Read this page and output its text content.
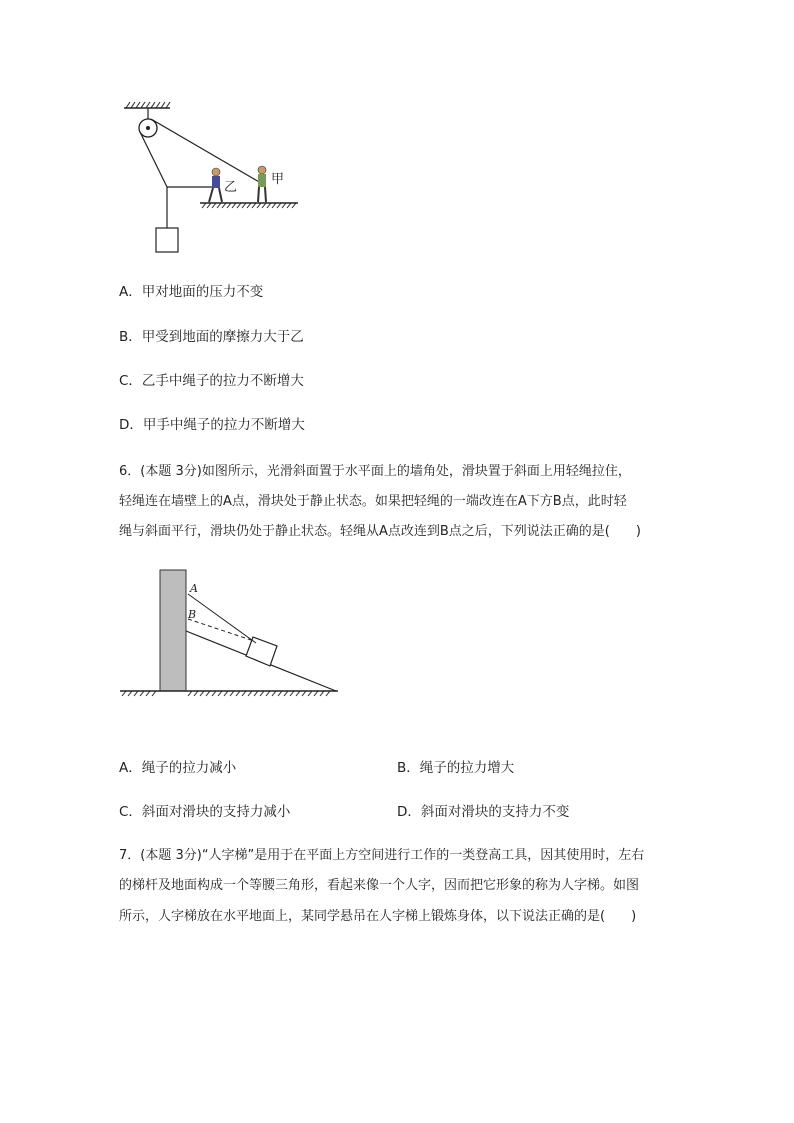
乙
甲
A．甲对地面的压力不变
B．甲受到地面的摩擦力大于乙
C．乙手中绳子的拉力不断增大
D．甲手中绳子的拉力不断增大
6．(本题 3分)如图所示，光滑斜面置于水平面上的墙角处，滑块置于斜面上用轻绳拉住，
轻绳连在墙壁上的A点，滑块处于静止状态。如果把轻绳的一端改连在A下方B点，此时轻
绳与斜面平行，滑块仍处于静止状态。轻绳从A点改连到B点之后，下列说法正确的是(　　)
A
B
A．绳子的拉力减小	B．绳子的拉力增大
C．斜面对滑块的支持力减小	D．斜面对滑块的支持力不变
7．(本题 3分)“人字梯”是用于在平面上方空间进行工作的一类登高工具，因其使用时，左右
的梯杆及地面构成一个等腰三角形，看起来像一个人字，因而把它形象的称为人字梯。如图
所示，人字梯放在水平地面上，某同学悬吊在人字梯上锻炼身体，以下说法正确的是(　　)
